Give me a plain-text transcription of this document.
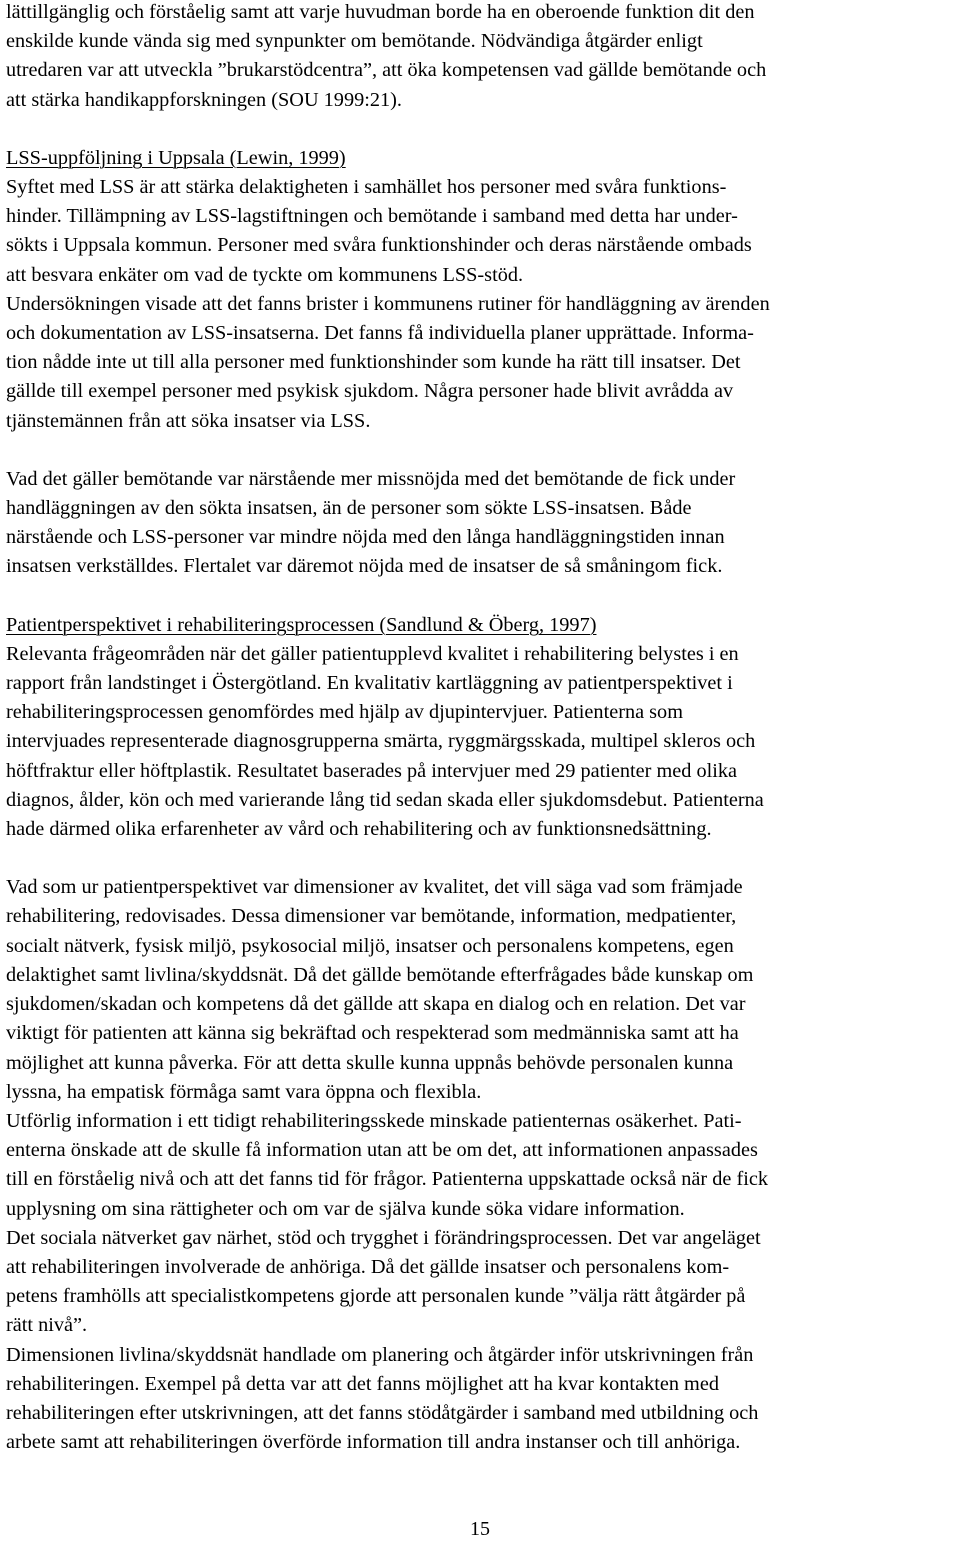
lättillgänglig och förståelig samt att varje huvudman borde ha en oberoende funktion dit den

enskilde kunde vända sig med synpunkter om bemötande. Nödvändiga åtgärder enligt

utredaren var att utveckla ”brukarstödcentra”, att öka kompetensen vad gällde bemötande och

att stärka handikappforskningen (SOU 1999:21).

LSS-uppföljning i Uppsala (Lewin, 1999)

Syftet med LSS är att stärka delaktigheten i samhället hos personer med svåra funktions-

hinder. Tillämpning av LSS-lagstiftningen och bemötande i samband med detta har under-

sökts i Uppsala kommun. Personer med svåra funktionshinder och deras närstående ombads

att besvara enkäter om vad de tyckte om kommunens LSS-stöd.

Undersökningen visade att det fanns brister i kommunens rutiner för handläggning av ärenden

och dokumentation av LSS-insatserna. Det fanns få individuella planer upprättade. Informa-

tion nådde inte ut till alla personer med funktionshinder som kunde ha rätt till insatser. Det

gällde till exempel personer med psykisk sjukdom. Några personer hade blivit avrådda av

tjänstemännen från att söka insatser via LSS.

Vad det gäller bemötande var närstående mer missnöjda med det bemötande de fick under

handläggningen av den sökta insatsen, än de personer som sökte LSS-insatsen. Både

närstående och LSS-personer var mindre nöjda med den långa handläggningstiden innan

insatsen verkställdes. Flertalet var däremot nöjda med de insatser de så småningom fick.

Patientperspektivet i rehabiliteringsprocessen (Sandlund & Öberg, 1997)

Relevanta frågeområden när det gäller patientupplevd kvalitet i rehabilitering belystes i en

rapport från landstinget i Östergötland. En kvalitativ kartläggning av patientperspektivet i

rehabiliteringsprocessen genomfördes med hjälp av djupintervjuer. Patienterna som

intervjuades representerade diagnosgrupperna smärta, ryggmärgsskada, multipel skleros och

höftfraktur eller höftplastik. Resultatet baserades på intervjuer med 29 patienter med olika

diagnos, ålder, kön och med varierande lång tid sedan skada eller sjukdomsdebut. Patienterna

hade därmed olika erfarenheter av vård och rehabilitering och av funktionsnedsättning.

Vad som ur patientperspektivet var dimensioner av kvalitet, det vill säga vad som främjade

rehabilitering, redovisades. Dessa dimensioner var bemötande, information, medpatienter,

socialt nätverk, fysisk miljö, psykosocial miljö, insatser och personalens kompetens, egen

delaktighet samt livlina/skyddsnät. Då det gällde bemötande efterfrågades både kunskap om

sjukdomen/skadan och kompetens då det gällde att skapa en dialog och en relation. Det var

viktigt för patienten att känna sig bekräftad och respekterad som medmänniska samt att ha

möjlighet att kunna påverka. För att detta skulle kunna uppnås behövde personalen kunna

lyssna, ha empatisk förmåga samt vara öppna och flexibla.

Utförlig information i ett tidigt rehabiliteringsskede minskade patienternas osäkerhet. Pati-

enterna önskade att de skulle få information utan att be om det, att informationen anpassades

till en förståelig nivå och att det fanns tid för frågor. Patienterna uppskattade också när de fick

upplysning om sina rättigheter och om var de själva kunde söka vidare information.

Det sociala nätverket gav närhet, stöd och trygghet i förändringsprocessen. Det var angeläget

att rehabiliteringen involverade de anhöriga. Då det gällde insatser och personalens kom-

petens framhölls att specialistkompetens gjorde att personalen kunde ”välja rätt åtgärder på

rätt nivå”.

Dimensionen livlina/skyddsnät handlade om planering och åtgärder inför utskrivningen från

rehabiliteringen. Exempel på detta var att det fanns möjlighet att ha kvar kontakten med

rehabiliteringen efter utskrivningen, att det fanns stödåtgärder i samband med utbildning och

arbete samt att rehabiliteringen överförde information till andra instanser och till anhöriga.

15
